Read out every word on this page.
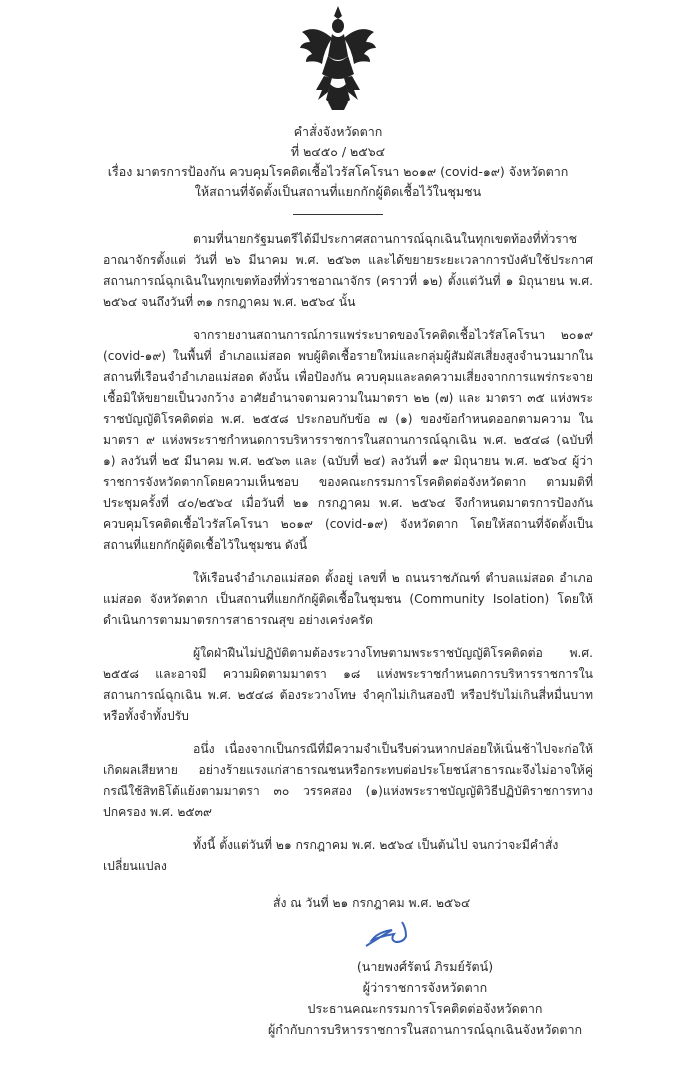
คำสั่งจังหวัดตาก
ที่ ๒๔๕๐ / ๒๕๖๔
เรื่อง มาตรการป้องกัน ควบคุมโรคติดเชื้อไวรัสโคโรนา ๒๐๑๙ (covid-๑๙) จังหวัดตาก
ให้สถานที่จัดตั้งเป็นสถานที่แยกกักผู้ติดเชื้อไว้ในชุมชน

ตามที่นายกรัฐมนตรีได้มีประกาศสถานการณ์ฉุกเฉินในทุกเขตท้องที่ทั่วราชอาณาจักรตั้งแต่ วันที่ ๒๖ มีนาคม พ.ศ. ๒๕๖๓ และได้ขยายระยะเวลาการบังคับใช้ประกาศสถานการณ์ฉุกเฉินในทุกเขตท้องที่ทั่วราชอาณาจักร (คราวที่ ๑๒) ตั้งแต่วันที่ ๑ มิถุนายน พ.ศ. ๒๕๖๔ จนถึงวันที่ ๓๑ กรกฎาคม พ.ศ. ๒๕๖๔ นั้น

จากรายงานสถานการณ์การแพร่ระบาดของโรคติดเชื้อไวรัสโคโรนา ๒๐๑๙ (covid-๑๙) ในพื้นที่ อำเภอแม่สอด พบผู้ติดเชื้อรายใหม่และกลุ่มผู้สัมผัสเสี่ยงสูงจำนวนมากในสถานที่เรือนจำอำเภอแม่สอด ดังนั้น เพื่อป้องกัน ควบคุมและลดความเสี่ยงจากการแพร่กระจายเชื้อมิให้ขยายเป็นวงกว้าง อาศัยอำนาจตามความในมาตรา ๒๒ (๗) และ มาตรา ๓๕ แห่งพระราชบัญญัติโรคติดต่อ พ.ศ. ๒๕๕๘ ประกอบกับข้อ ๗ (๑) ของข้อกำหนดออกตามความ ในมาตรา ๙ แห่งพระราชกำหนดการบริหารราชการในสถานการณ์ฉุกเฉิน พ.ศ. ๒๕๔๘ (ฉบับที่ ๑) ลงวันที่ ๒๕ มีนาคม พ.ศ. ๒๕๖๓ และ (ฉบับที่ ๒๔) ลงวันที่ ๑๙ มิถุนายน พ.ศ. ๒๕๖๔ ผู้ว่าราชการจังหวัดตากโดยความเห็นชอบ ของคณะกรรมการโรคติดต่อจังหวัดตาก ตามมติที่ประชุมครั้งที่ ๔๐/๒๕๖๔ เมื่อวันที่ ๒๑ กรกฎาคม พ.ศ. ๒๕๖๔ จึงกำหนดมาตรการป้องกันควบคุมโรคติดเชื้อไวรัสโคโรนา ๒๐๑๙ (covid-๑๙) จังหวัดตาก โดยให้สถานที่จัดตั้งเป็น สถานที่แยกกักผู้ติดเชื้อไว้ในชุมชน ดังนี้

ให้เรือนจำอำเภอแม่สอด ตั้งอยู่ เลขที่ ๒ ถนนราชภัณฑ์ ตำบลแม่สอด อำเภอแม่สอด จังหวัดตาก เป็นสถานที่แยกกักผู้ติดเชื้อในชุมชน (Community Isolation) โดยให้ดำเนินการตามมาตรการสาธารณสุข อย่างเคร่งครัด

ผู้ใดฝ่าฝืนไม่ปฏิบัติตามต้องระวางโทษตามพระราชบัญญัติโรคติดต่อ พ.ศ. ๒๕๕๘ และอาจมี ความผิดตามมาตรา ๑๘ แห่งพระราชกำหนดการบริหารราชการในสถานการณ์ฉุกเฉิน พ.ศ. ๒๕๔๘ ต้องระวางโทษ จำคุกไม่เกินสองปี หรือปรับไม่เกินสี่หมื่นบาท หรือทั้งจำทั้งปรับ

อนึ่ง เนื่องจากเป็นกรณีที่มีความจำเป็นรีบด่วนหากปล่อยให้เนิ่นช้าไปจะก่อให้เกิดผลเสียหาย อย่างร้ายแรงแก่สาธารณชนหรือกระทบต่อประโยชน์สาธารณะจึงไม่อาจให้คู่กรณีใช้สิทธิโต้แย้งตามมาตรา ๓๐ วรรคสอง (๑)แห่งพระราชบัญญัติวิธีปฏิบัติราชการทางปกครอง พ.ศ. ๒๕๓๙

ทั้งนี้ ตั้งแต่วันที่ ๒๑ กรกฎาคม พ.ศ. ๒๕๖๔ เป็นต้นไป จนกว่าจะมีคำสั่งเปลี่ยนแปลง

สั่ง ณ วันที่ ๒๑ กรกฎาคม พ.ศ. ๒๕๖๔

(นายพงศ์รัตน์ ภิรมย์รัตน์)
ผู้ว่าราชการจังหวัดตาก
ประธานคณะกรรมการโรคติดต่อจังหวัดตาก
ผู้กำกับการบริหารราชการในสถานการณ์ฉุกเฉินจังหวัดตาก
